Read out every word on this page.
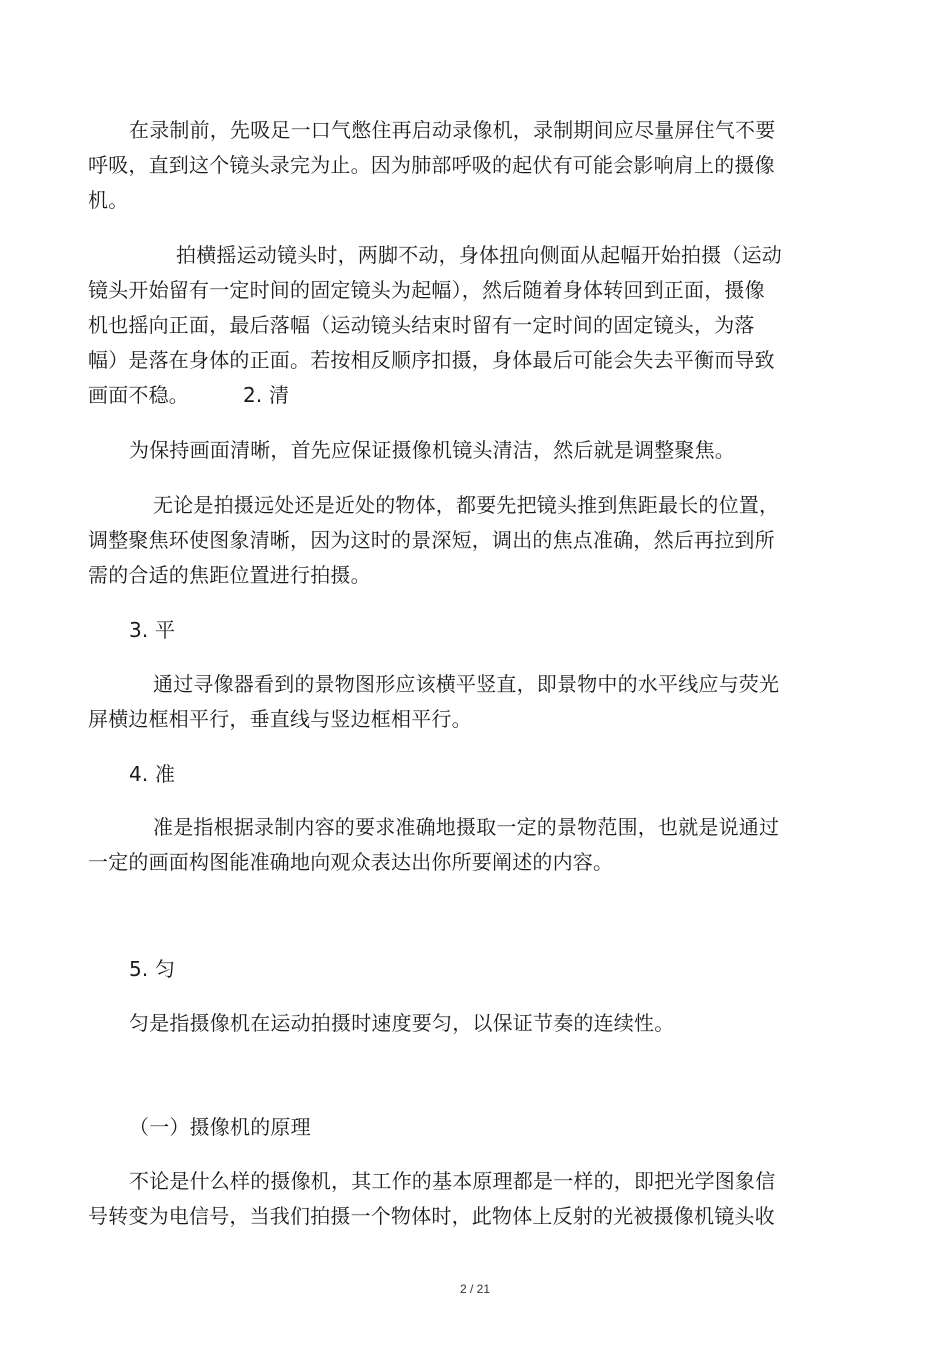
在录制前，先吸足一口气憋住再启动录像机，录制期间应尽量屏住气不要
呼吸，直到这个镜头录完为止。因为肺部呼吸的起伏有可能会影响肩上的摄像
机。
拍横摇运动镜头时，两脚不动，身体扭向侧面从起幅开始拍摄（运动
镜头开始留有一定时间的固定镜头为起幅），然后随着身体转回到正面，摄像
机也摇向正面，最后落幅（运动镜头结束时留有一定时间的固定镜头，为落
幅）是落在身体的正面。若按相反顺序扣摄，身体最后可能会失去平衡而导致
画面不稳。	2. 清
为保持画面清晰，首先应保证摄像机镜头清洁，然后就是调整聚焦。
无论是拍摄远处还是近处的物体，都要先把镜头推到焦距最长的位置，
调整聚焦环使图象清晰，因为这时的景深短，调出的焦点准确，然后再拉到所
需的合适的焦距位置进行拍摄。
3. 平
通过寻像器看到的景物图形应该横平竖直，即景物中的水平线应与荧光
屏横边框相平行，垂直线与竖边框相平行。
4. 准
准是指根据录制内容的要求准确地摄取一定的景物范围，也就是说通过
一定的画面构图能准确地向观众表达出你所要阐述的内容。
5. 匀
匀是指摄像机在运动拍摄时速度要匀，以保证节奏的连续性。
（一）摄像机的原理
不论是什么样的摄像机，其工作的基本原理都是一样的，即把光学图象信
号转变为电信号，当我们拍摄一个物体时，此物体上反射的光被摄像机镜头收
2 / 21
